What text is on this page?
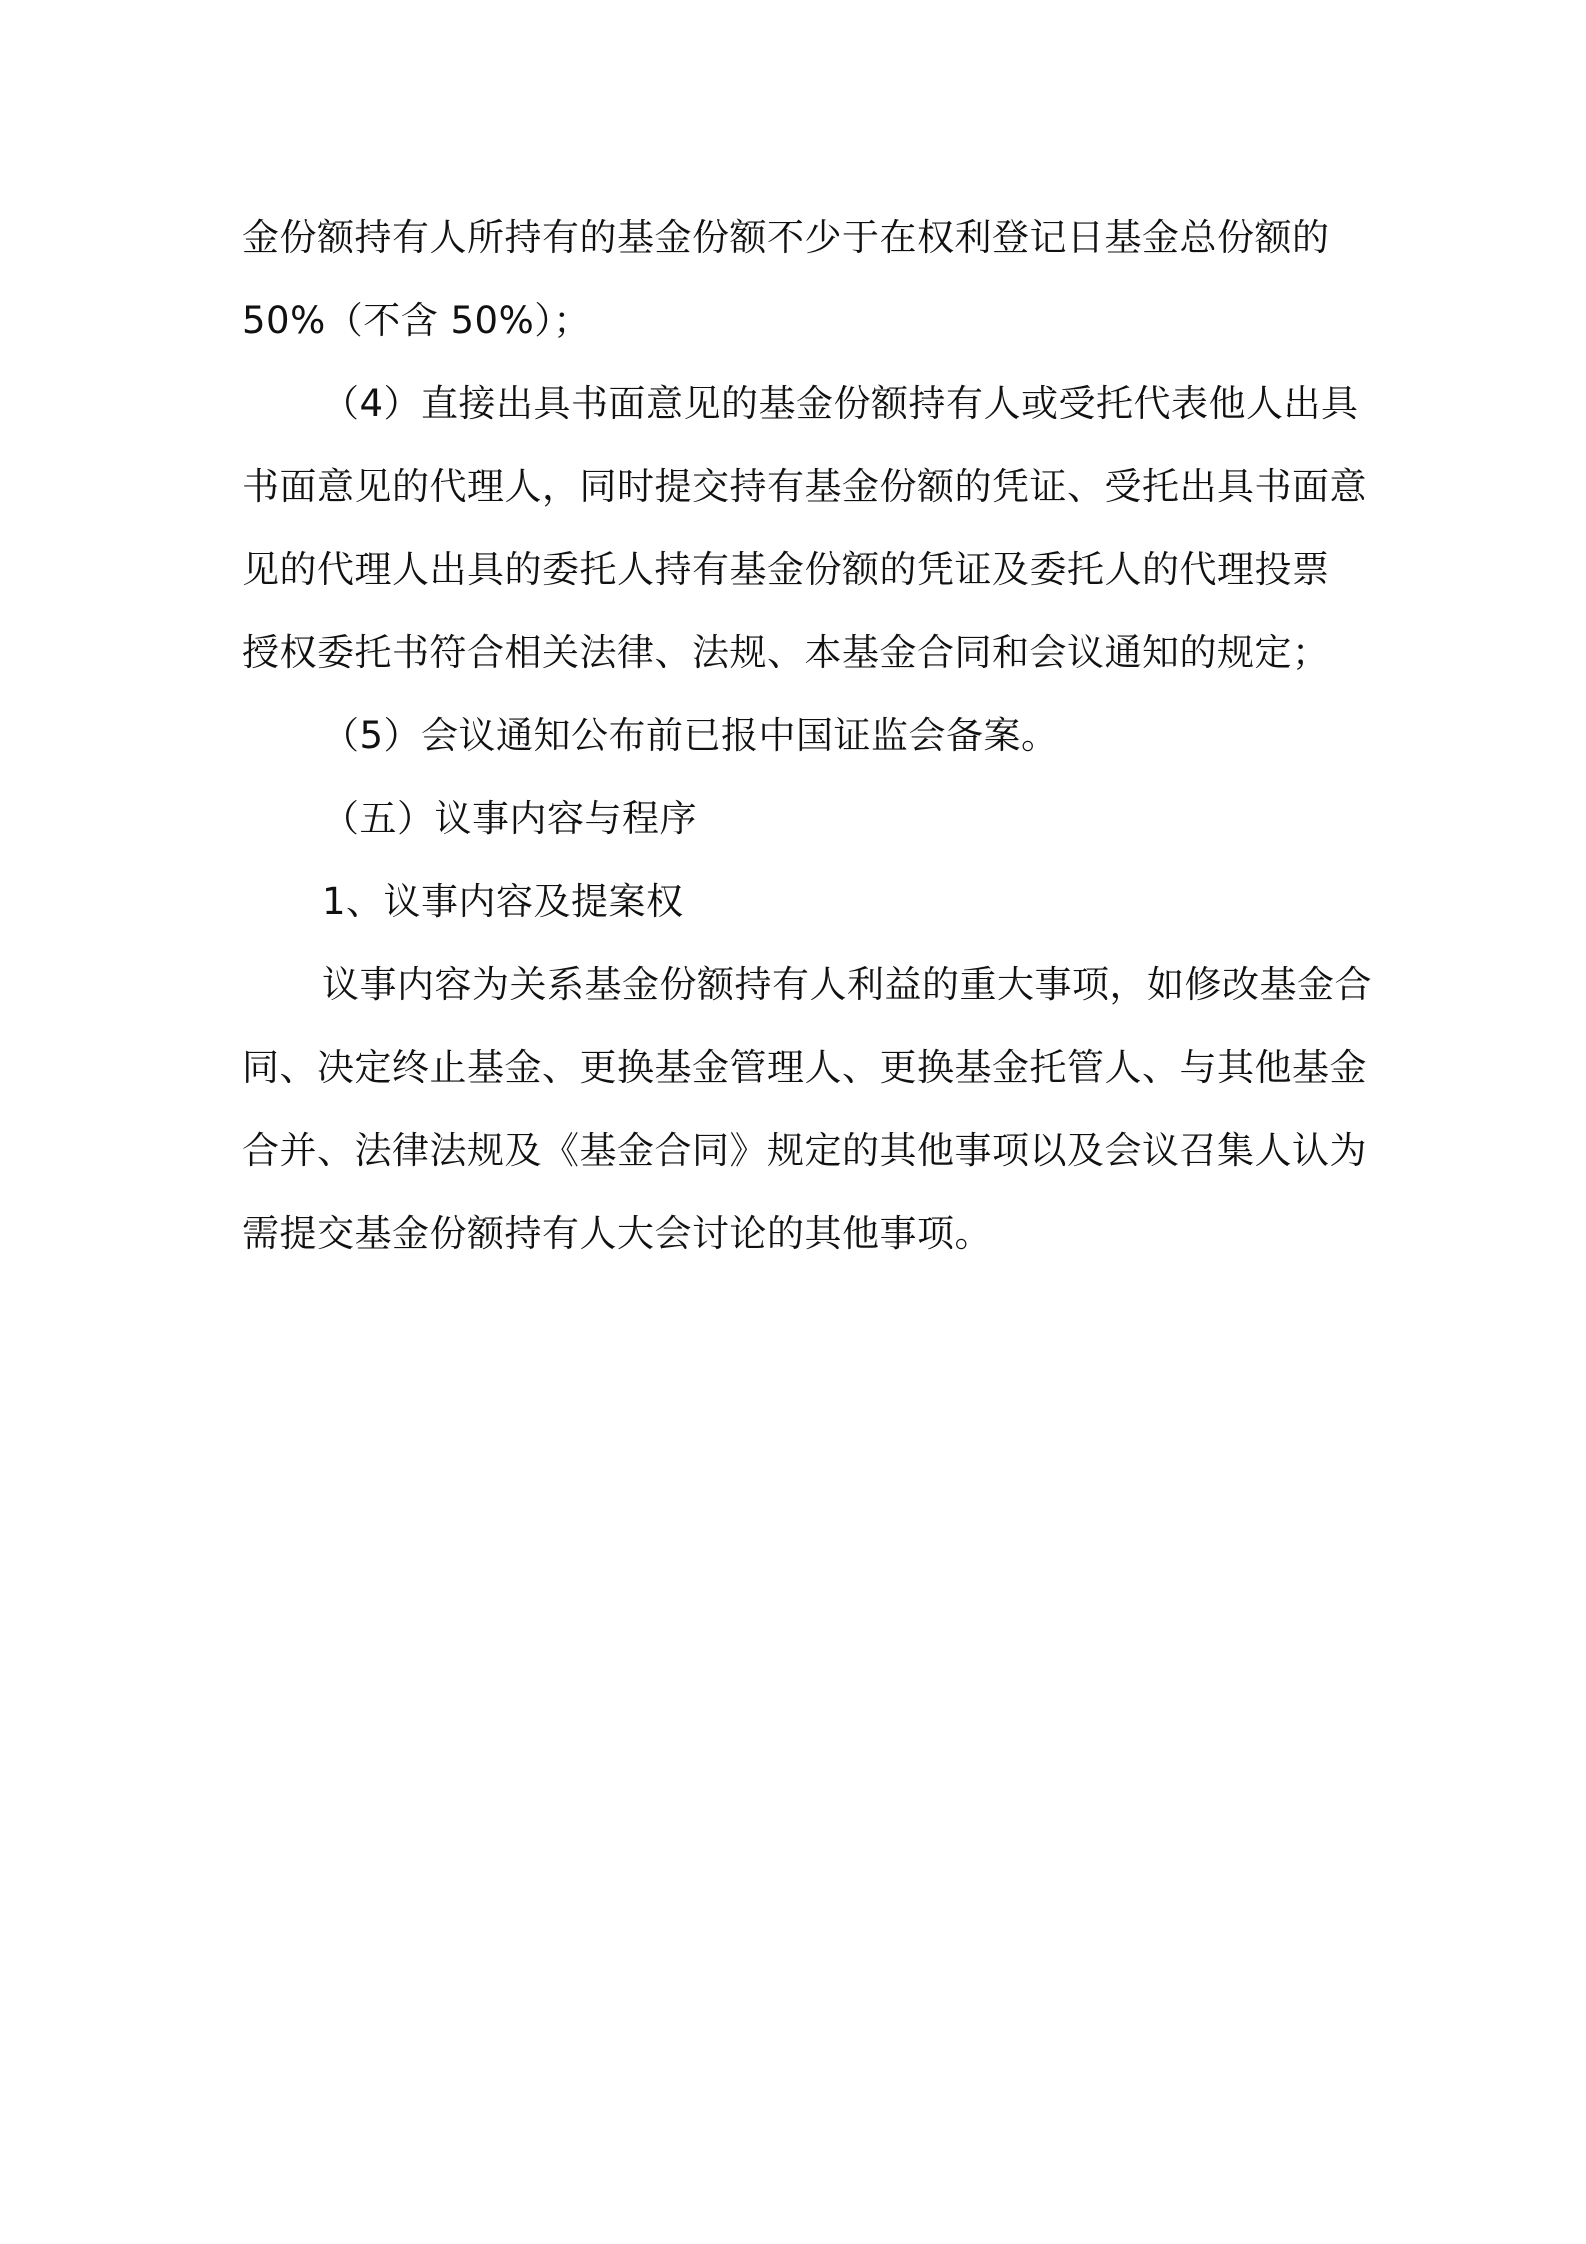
金份额持有人所持有的基金份额不少于在权利登记日基金总份额的
50%（不含 50%）；
（4）直接出具书面意见的基金份额持有人或受托代表他人出具
书面意见的代理人，同时提交持有基金份额的凭证、受托出具书面意
见的代理人出具的委托人持有基金份额的凭证及委托人的代理投票
授权委托书符合相关法律、法规、本基金合同和会议通知的规定；
（5）会议通知公布前已报中国证监会备案。
（五）议事内容与程序
1、议事内容及提案权
议事内容为关系基金份额持有人利益的重大事项，如修改基金合
同、决定终止基金、更换基金管理人、更换基金托管人、与其他基金
合并、法律法规及《基金合同》规定的其他事项以及会议召集人认为
需提交基金份额持有人大会讨论的其他事项。
